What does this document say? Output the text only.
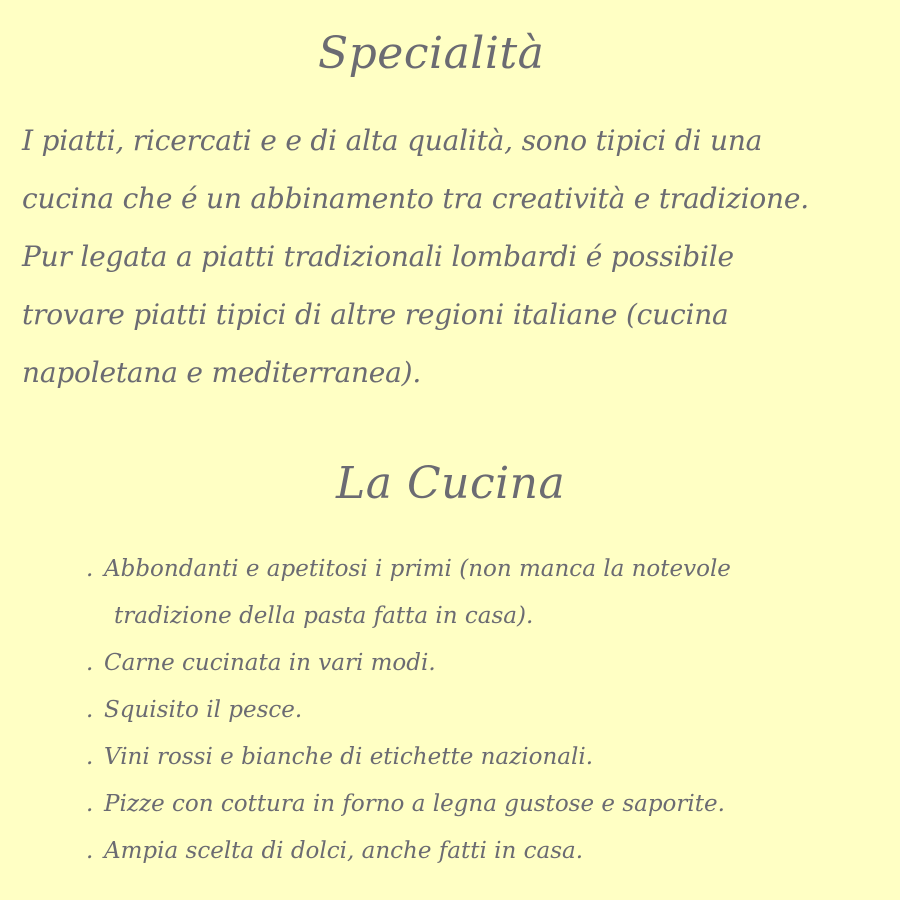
Specialità
I piatti, ricercati e e di alta qualità, sono tipici di una
cucina che é un abbinamento tra creatività e tradizione.
Pur legata a piatti tradizionali lombardi é possibile
trovare piatti tipici di altre regioni italiane (cucina
napoletana e mediterranea).
La Cucina
. Abbondanti e apetitosi i primi (non manca la notevole
tradizione della pasta fatta in casa).
. Carne cucinata in vari modi.
. Squisito il pesce.
. Vini rossi e bianche di etichette nazionali.
. Pizze con cottura in forno a legna gustose e saporite.
. Ampia scelta di dolci, anche fatti in casa.
